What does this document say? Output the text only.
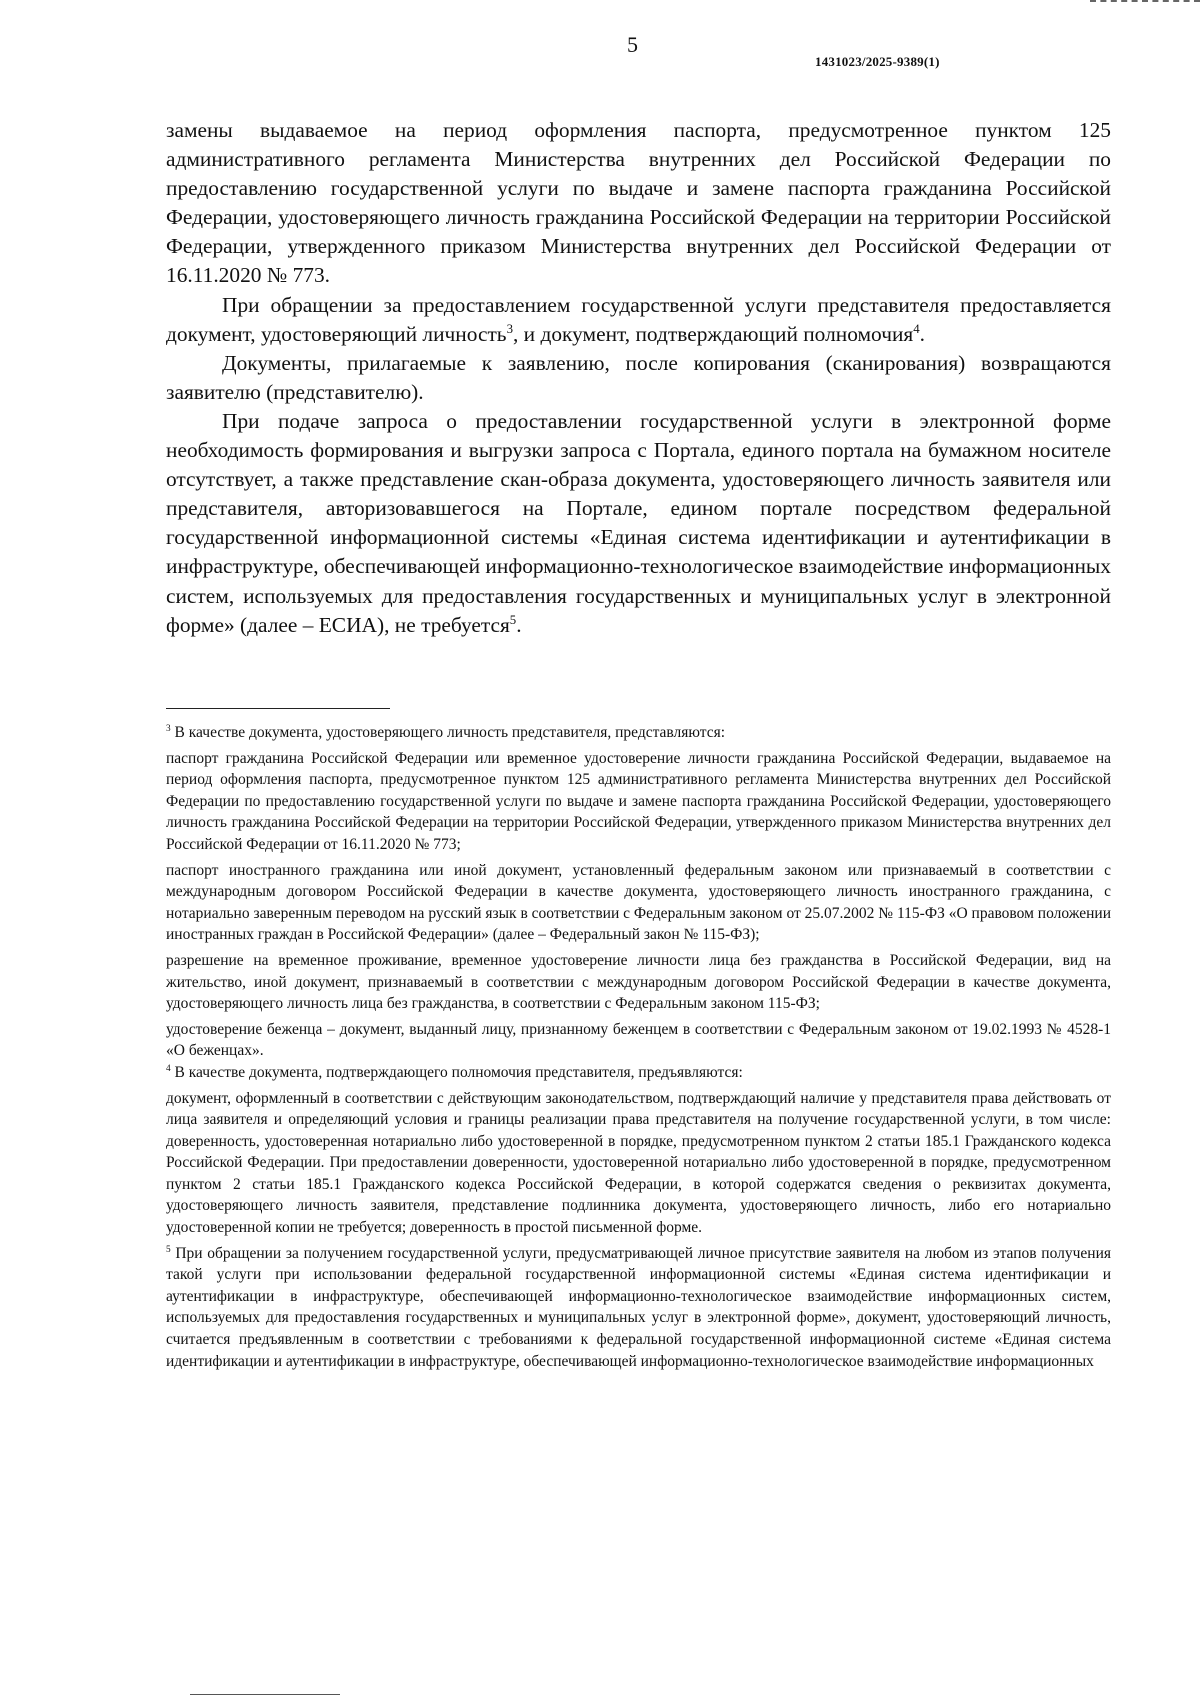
5
1431023/2025-9389(1)

замены выдаваемое на период оформления паспорта, предусмотренное пунктом 125 административного регламента Министерства внутренних дел Российской Федерации по предоставлению государственной услуги по выдаче и замене паспорта гражданина Российской Федерации, удостоверяющего личность гражданина Российской Федерации на территории Российской Федерации, утвержденного приказом Министерства внутренних дел Российской Федерации от 16.11.2020 № 773.

При обращении за предоставлением государственной услуги представителя предоставляется документ, удостоверяющий личность$^3$, и документ, подтверждающий полномочия$^4$.

Документы, прилагаемые к заявлению, после копирования (сканирования) возвращаются заявителю (представителю).

При подаче запроса о предоставлении государственной услуги в электронной форме необходимость формирования и выгрузки запроса с Портала, единого портала на бумажном носителе отсутствует, а также представление скан-образа документа, удостоверяющего личность заявителя или представителя, авторизовавшегося на Портале, едином портале посредством федеральной государственной информационной системы «Единая система идентификации и аутентификации в инфраструктуре, обеспечивающей информационно-технологическое взаимодействие информационных систем, используемых для предоставления государственных и муниципальных услуг в электронной форме» (далее – ЕСИА), не требуется$^5$.

$^3$ В качестве документа, удостоверяющего личность представителя, представляются:

паспорт гражданина Российской Федерации или временное удостоверение личности гражданина Российской Федерации, выдаваемое на период оформления паспорта, предусмотренное пунктом 125 административного регламента Министерства внутренних дел Российской Федерации по предоставлению государственной услуги по выдаче и замене паспорта гражданина Российской Федерации, удостоверяющего личность гражданина Российской Федерации на территории Российской Федерации, утвержденного приказом Министерства внутренних дел Российской Федерации от 16.11.2020 № 773;

паспорт иностранного гражданина или иной документ, установленный федеральным законом или признаваемый в соответствии с международным договором Российской Федерации в качестве документа, удостоверяющего личность иностранного гражданина, с нотариально заверенным переводом на русский язык в соответствии с Федеральным законом от 25.07.2002 № 115-ФЗ «О правовом положении иностранных граждан в Российской Федерации» (далее – Федеральный закон № 115-ФЗ);

разрешение на временное проживание, временное удостоверение личности лица без гражданства в Российской Федерации, вид на жительство, иной документ, признаваемый в соответствии с международным договором Российской Федерации в качестве документа, удостоверяющего личность лица без гражданства, в соответствии с Федеральным законом 115-ФЗ;

удостоверение беженца – документ, выданный лицу, признанному беженцем в соответствии с Федеральным законом от 19.02.1993 № 4528-1 «О беженцах».

$^4$ В качестве документа, подтверждающего полномочия представителя, предъявляются:

документ, оформленный в соответствии с действующим законодательством, подтверждающий наличие у представителя права действовать от лица заявителя и определяющий условия и границы реализации права представителя на получение государственной услуги, в том числе: доверенность, удостоверенная нотариально либо удостоверенной в порядке, предусмотренном пунктом 2 статьи 185.1 Гражданского кодекса Российской Федерации. При предоставлении доверенности, удостоверенной нотариально либо удостоверенной в порядке, предусмотренном пунктом 2 статьи 185.1 Гражданского кодекса Российской Федерации, в которой содержатся сведения о реквизитах документа, удостоверяющего личность заявителя, представление подлинника документа, удостоверяющего личность, либо его нотариально удостоверенной копии не требуется; доверенность в простой письменной форме.

$^5$ При обращении за получением государственной услуги, предусматривающей личное присутствие заявителя на любом из этапов получения такой услуги при использовании федеральной государственной информационной системы «Единая система идентификации и аутентификации в инфраструктуре, обеспечивающей информационно-технологическое взаимодействие информационных систем, используемых для предоставления государственных и муниципальных услуг в электронной форме», документ, удостоверяющий личность, считается предъявленным в соответствии с требованиями к федеральной государственной информационной системе «Единая система идентификации и аутентификации в инфраструктуре, обеспечивающей информационно-технологическое взаимодействие информационных
